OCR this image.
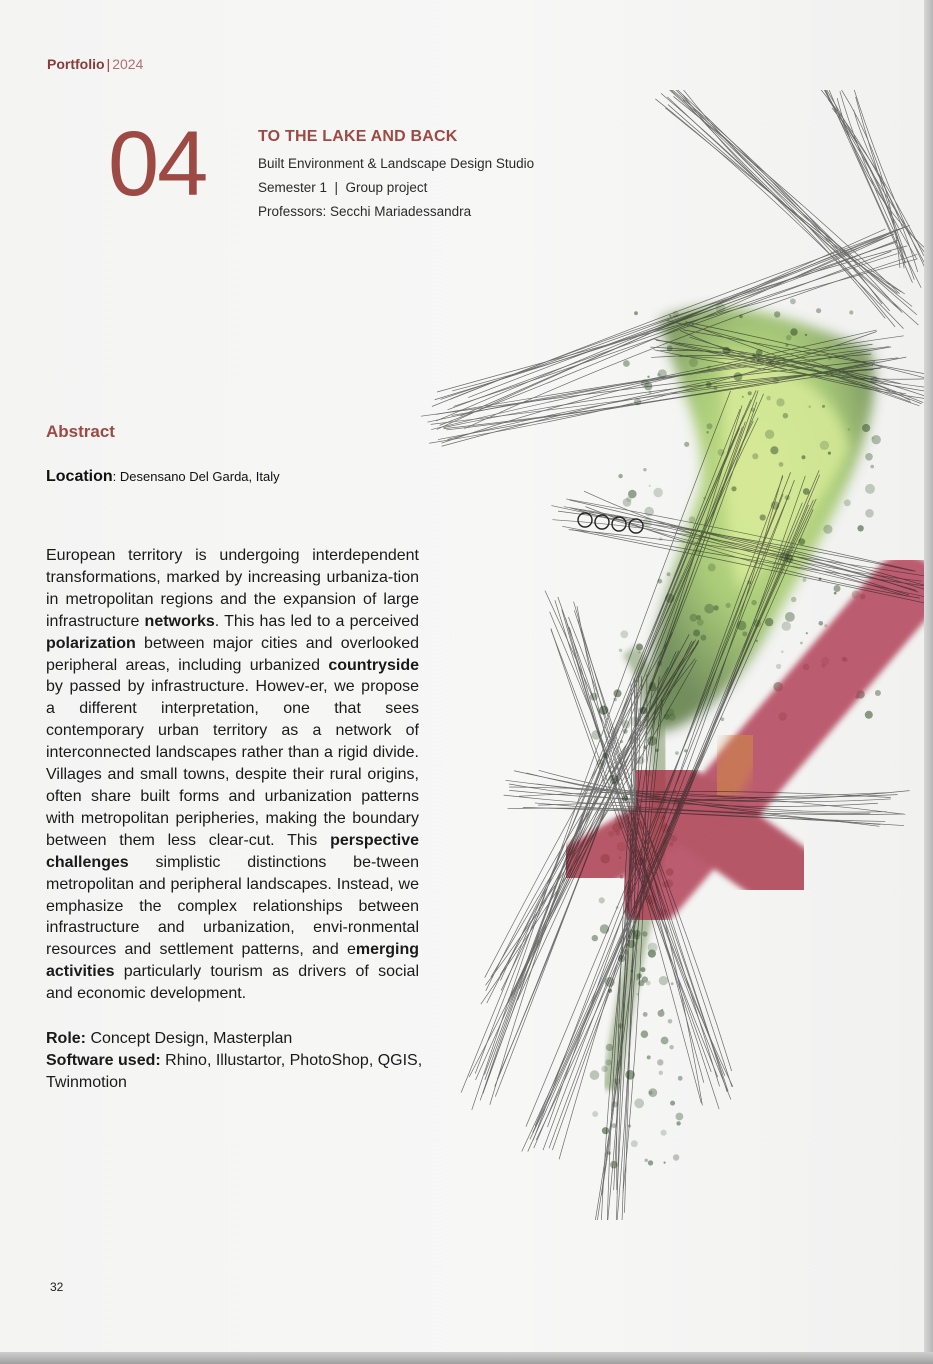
Portfolio | 2024
04	TO THE LAKE AND BACK
Built Environment & Landscape Design Studio
Semester 1  |  Group project
Professors: Secchi Mariadessandra
Abstract
Location: Desensano Del Garda, Italy
European territory is undergoing interdependent transformations, marked by increasing urbaniza-tion in metropolitan regions and the expansion of large infrastructure networks. This has led to a perceived polarization between major cities and overlooked peripheral areas, including urbanized countryside by passed by infrastructure. Howev-er, we propose a different interpretation, one that sees contemporary urban territory as a network of interconnected landscapes rather than a rigid divide. Villages and small towns, despite their rural origins, often share built forms and urbanization patterns with metropolitan peripheries, making the boundary between them less clear-cut. This perspective challenges simplistic distinctions be-tween metropolitan and peripheral landscapes. Instead, we emphasize the complex relationships between infrastructure and urbanization, envi-ronmental resources and settlement patterns, and emerging activities particularly tourism as drivers of social and economic development.
Role: Concept Design, Masterplan
Software used: Rhino, Illustartor, PhotoShop, QGIS, Twinmotion
32
